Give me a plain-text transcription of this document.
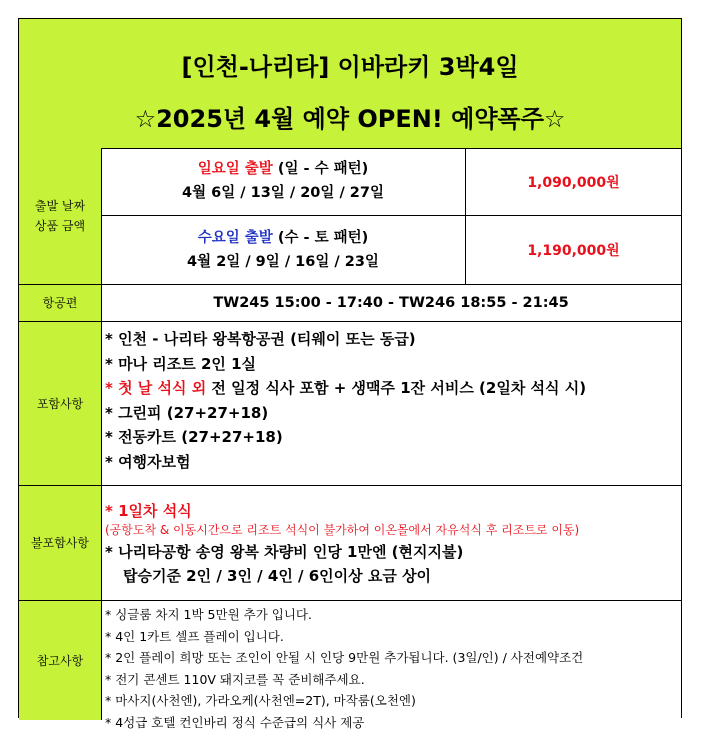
[인천-나리타] 이바라키 3박4일
☆2025년 4월 예약 OPEN! 예약폭주☆
출발 날짜
상품 금액
일요일 출발 (일 - 수 패턴)
4월 6일 / 13일 / 20일 / 27일
1,090,000원
수요일 출발 (수 - 토 패턴)
4월 2일 / 9일 / 16일 / 23일
1,190,000원
항공편	TW245 15:00 - 17:40 - TW246 18:55 - 21:45
포함사항
* 인천 - 나리타 왕복항공권 (티웨이 또는 동급)
* 마나 리조트 2인 1실
* 첫 날 석식 외 전 일정 식사 포함 + 생맥주 1잔 서비스 (2일차 석식 시)
* 그린피 (27+27+18)
* 전동카트 (27+27+18)
* 여행자보험
불포함사항
* 1일차 석식
(공항도착 & 이동시간으로 리조트 석식이 불가하여 이온몰에서 자유석식 후 리조트로 이동)
* 나리타공항 송영 왕복 차량비 인당 1만엔 (현지지불)
탑승기준 2인 / 3인 / 4인 / 6인이상 요금 상이
참고사항
* 싱글룸 차지 1박 5만원 추가 입니다.
* 4인 1카트 셀프 플레이 입니다.
* 2인 플레이 희망 또는 조인이 안될 시 인당 9만원 추가됩니다. (3일/인) / 사전예약조건
* 전기 콘센트 110V 돼지코를 꼭 준비해주세요.
* 마사지(사천엔), 가라오케(사천엔=2T), 마작룸(오천엔)
* 4성급 호텔 컨인바리 정식 수준급의 식사 제공
